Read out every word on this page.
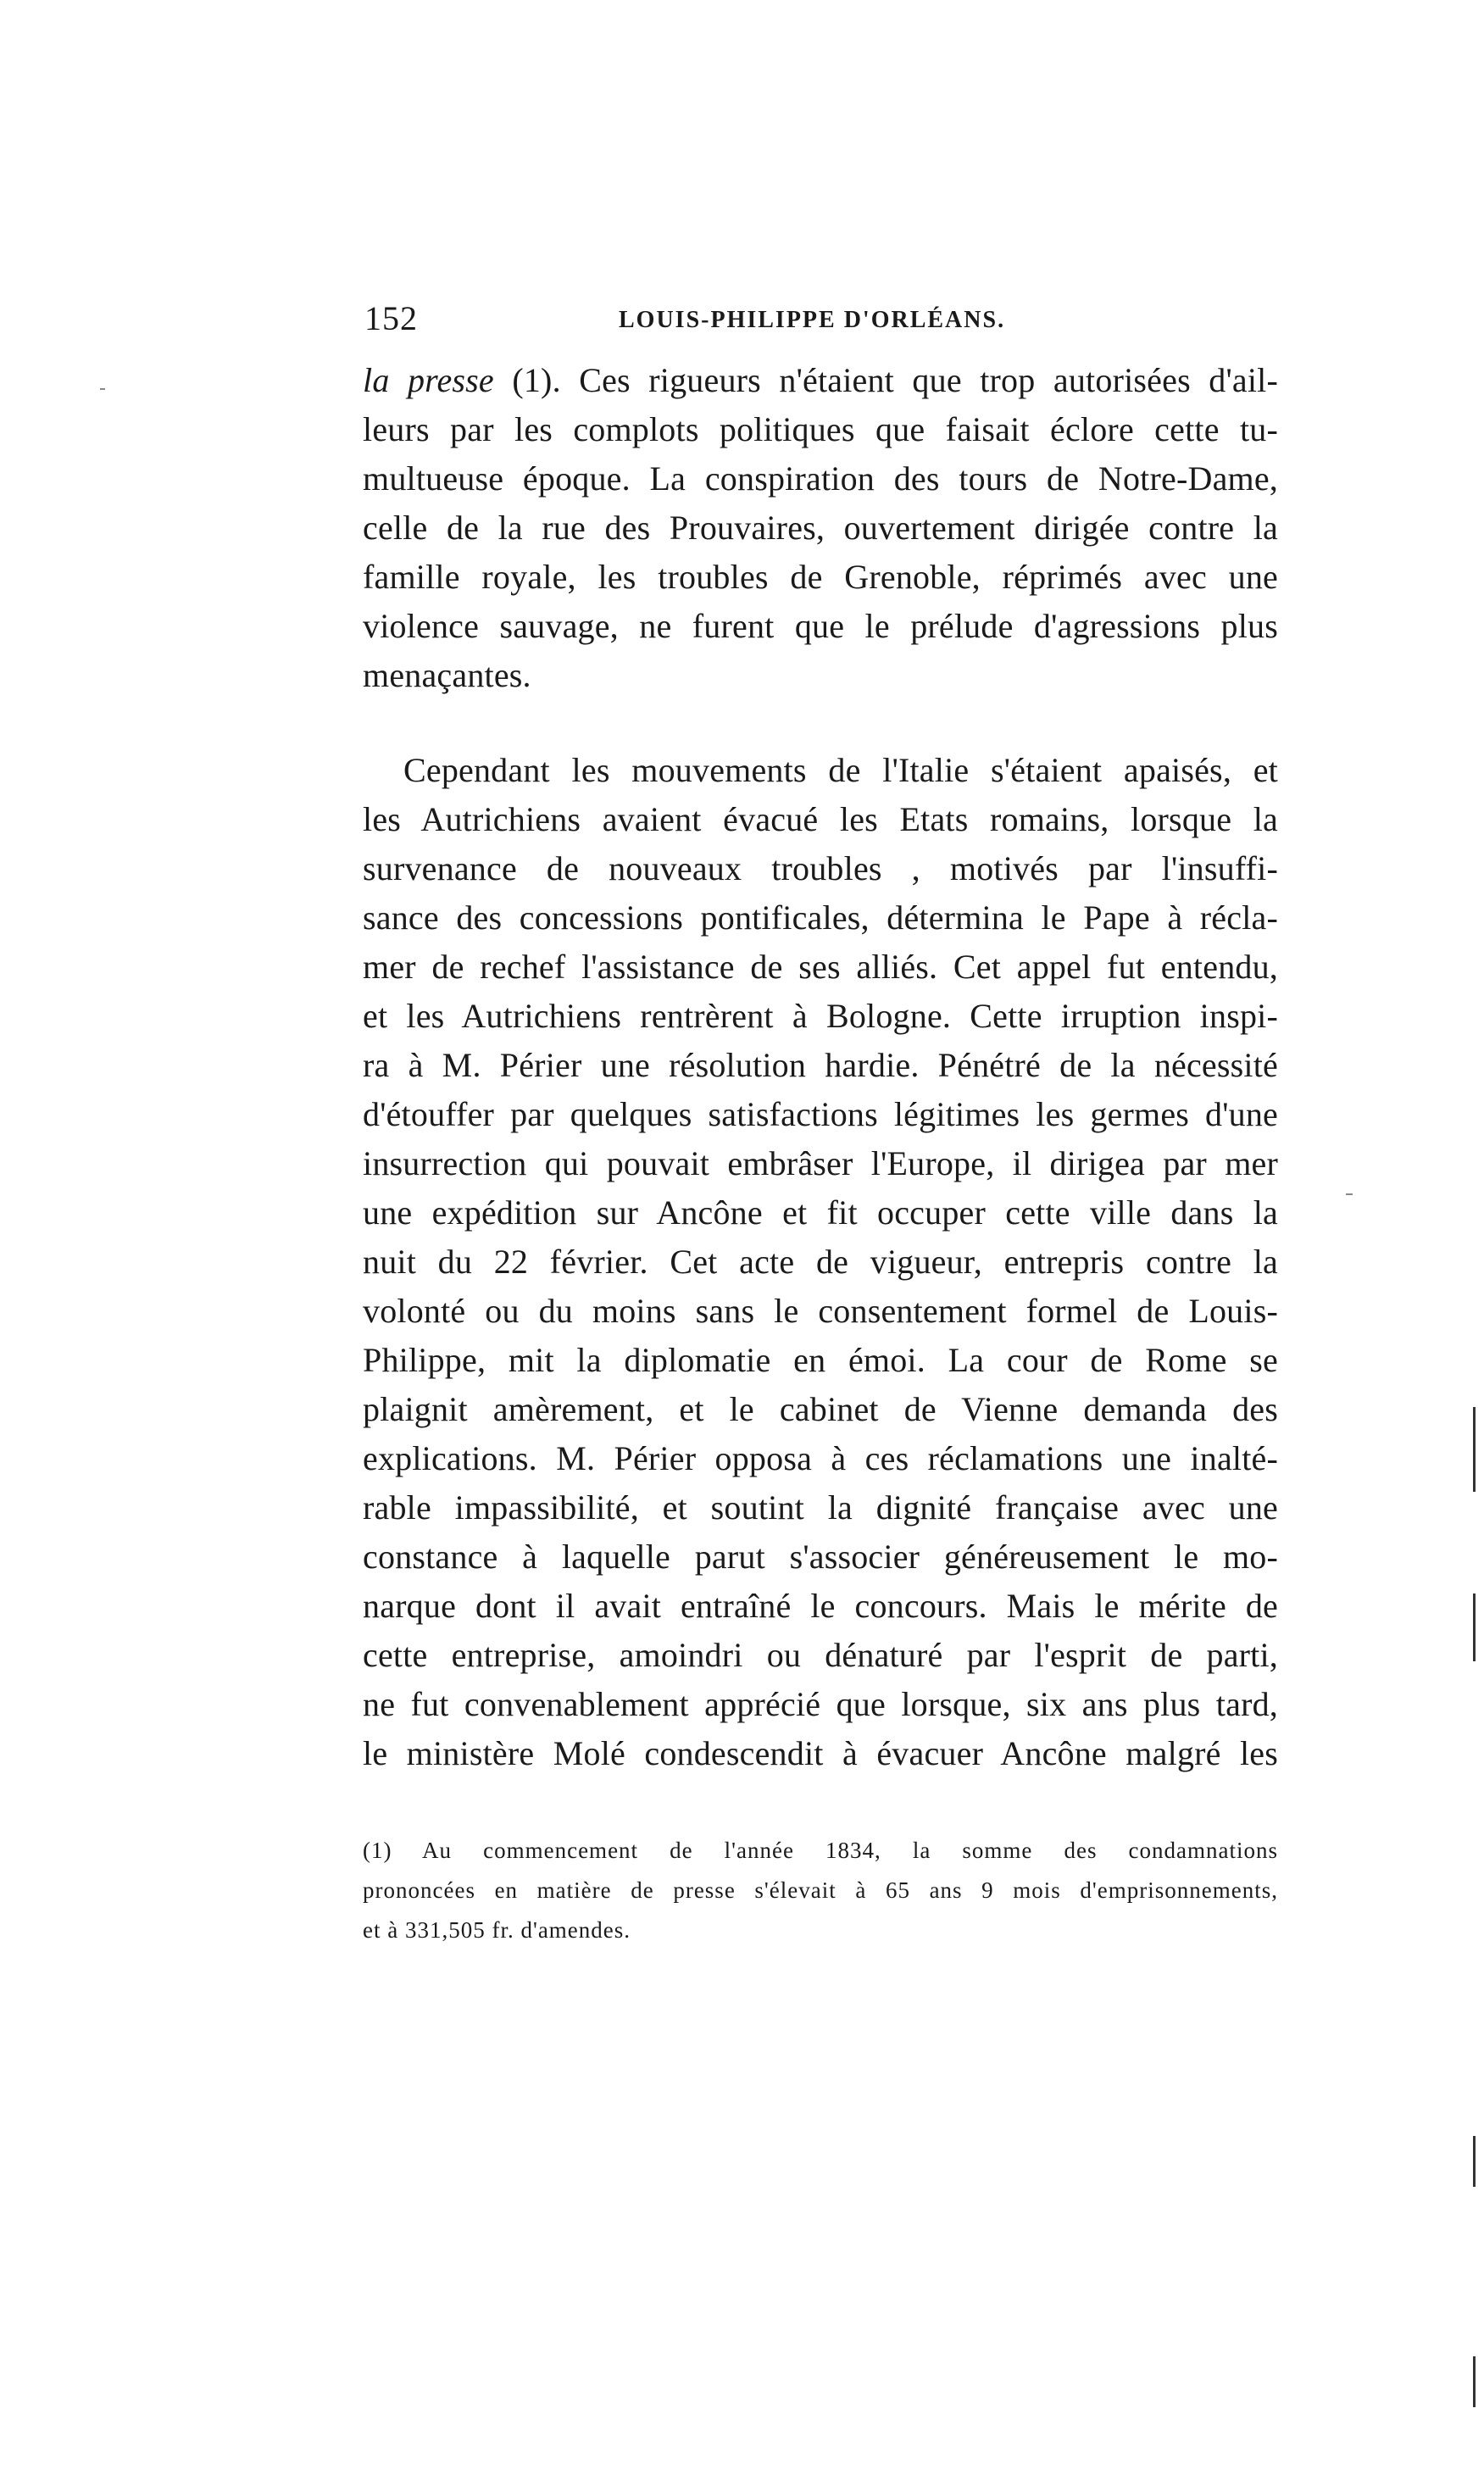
152	LOUIS-PHILIPPE D'ORLÉANS.
la presse (1). Ces rigueurs n'étaient que trop autorisées d'ail-
leurs par les complots politiques que faisait éclore cette tu-
multueuse époque. La conspiration des tours de Notre-Dame,
celle de la rue des Prouvaires, ouvertement dirigée contre la
famille royale, les troubles de Grenoble, réprimés avec une
violence sauvage, ne furent que le prélude d'agressions plus
menaçantes.
Cependant les mouvements de l'Italie s'étaient apaisés, et
les Autrichiens avaient évacué les Etats romains, lorsque la
survenance de nouveaux troubles , motivés par l'insuffi-
sance des concessions pontificales, détermina le Pape à récla-
mer de rechef l'assistance de ses alliés. Cet appel fut entendu,
et les Autrichiens rentrèrent à Bologne. Cette irruption inspi-
ra à M. Périer une résolution hardie. Pénétré de la nécessité
d'étouffer par quelques satisfactions légitimes les germes d'une
insurrection qui pouvait embrâser l'Europe, il dirigea par mer
une expédition sur Ancône et fit occuper cette ville dans la
nuit du 22 février. Cet acte de vigueur, entrepris contre la
volonté ou du moins sans le consentement formel de Louis-
Philippe, mit la diplomatie en émoi. La cour de Rome se
plaignit amèrement, et le cabinet de Vienne demanda des
explications. M. Périer opposa à ces réclamations une inalté-
rable impassibilité, et soutint la dignité française avec une
constance à laquelle parut s'associer généreusement le mo-
narque dont il avait entraîné le concours. Mais le mérite de
cette entreprise, amoindri ou dénaturé par l'esprit de parti,
ne fut convenablement apprécié que lorsque, six ans plus tard,
le ministère Molé condescendit à évacuer Ancône malgré les
(1) Au commencement de l'année 1834, la somme des condamnations
prononcées en matière de presse s'élevait à 65 ans 9 mois d'emprisonnements,
et à 331,505 fr. d'amendes.
